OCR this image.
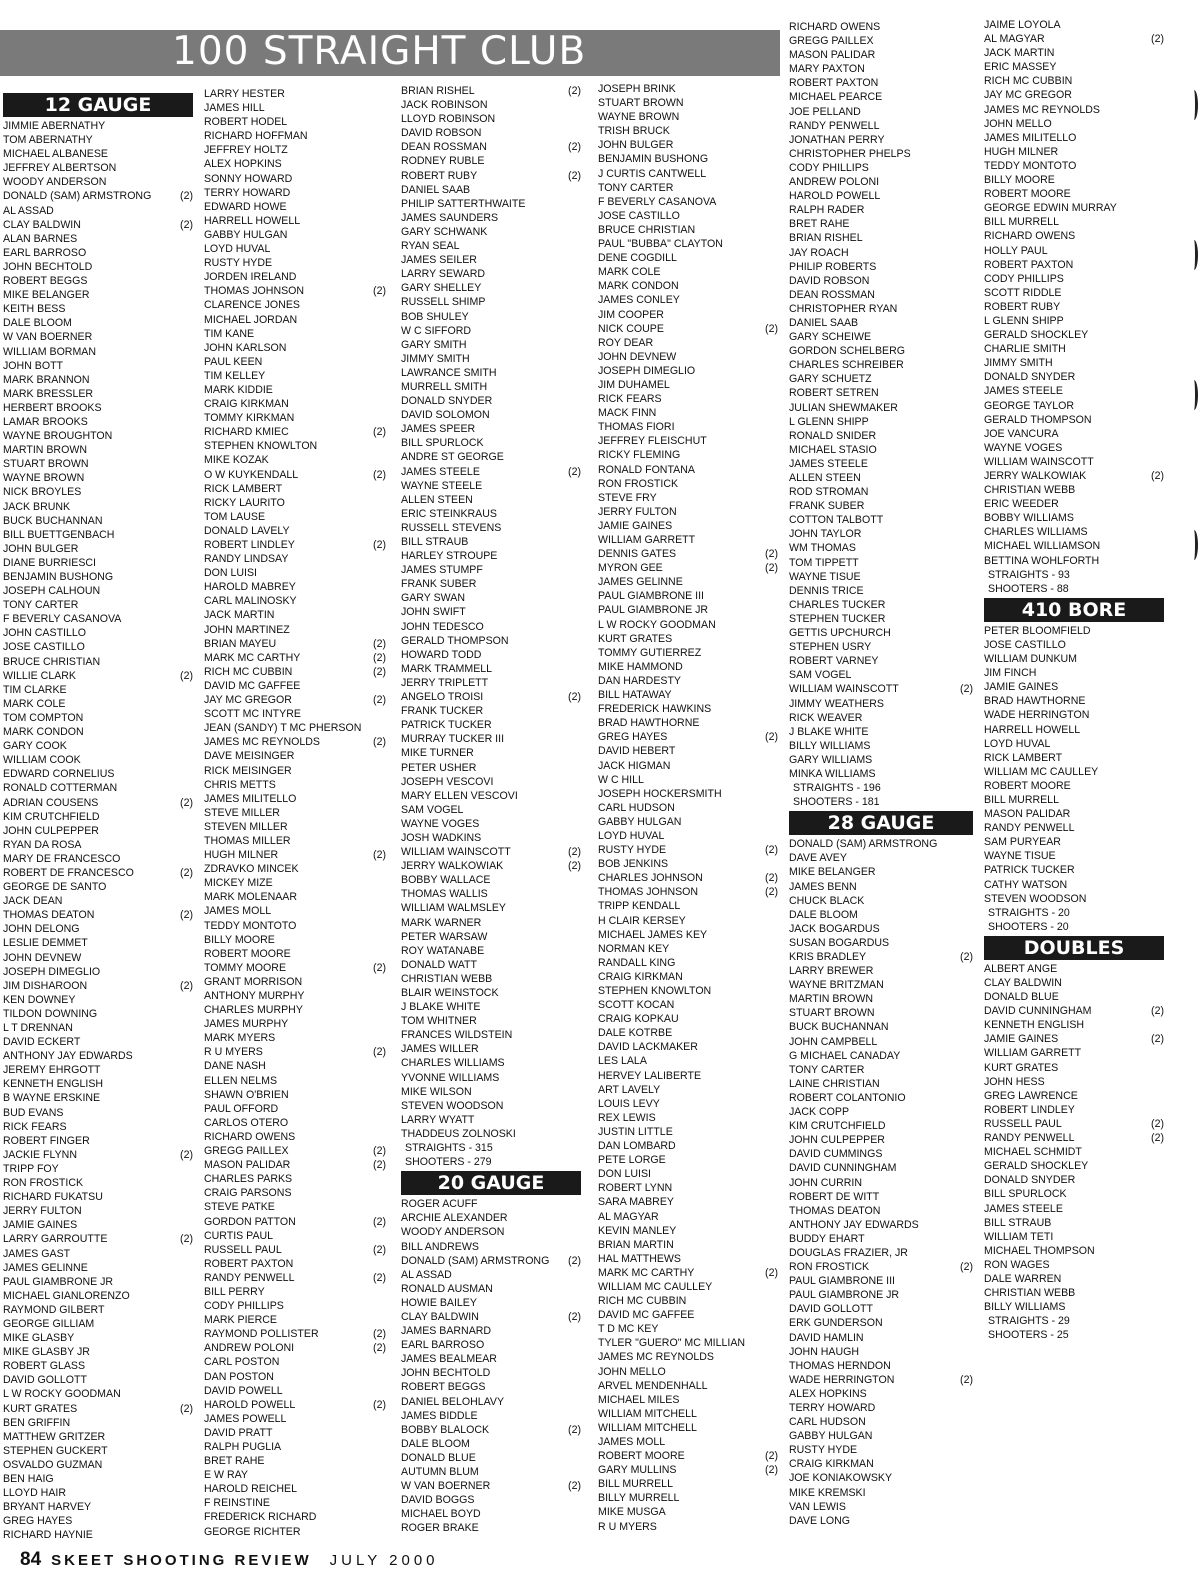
100 STRAIGHT CLUB
12 GAUGE
JIMMIE ABERNATHY
TOM ABERNATHY
MICHAEL ALBANESE
JEFFREY ALBERTSON
WOODY ANDERSON
DONALD (SAM) ARMSTRONG	(2)
AL ASSAD
CLAY BALDWIN	(2)
ALAN BARNES
EARL BARROSO
JOHN BECHTOLD
ROBERT BEGGS
MIKE BELANGER
KEITH BESS
DALE BLOOM
W VAN BOERNER
WILLIAM BORMAN
JOHN BOTT
MARK BRANNON
MARK BRESSLER
HERBERT BROOKS
LAMAR BROOKS
WAYNE BROUGHTON
MARTIN BROWN
STUART BROWN
WAYNE BROWN
NICK BROYLES
JACK BRUNK
BUCK BUCHANNAN
BILL BUETTGENBACH
JOHN BULGER
DIANE BURRIESCI
BENJAMIN BUSHONG
JOSEPH CALHOUN
TONY CARTER
F BEVERLY CASANOVA
JOHN CASTILLO
JOSE CASTILLO
BRUCE CHRISTIAN
WILLIE CLARK	(2)
TIM CLARKE
MARK COLE
TOM COMPTON
MARK CONDON
GARY COOK
WILLIAM COOK
EDWARD CORNELIUS
RONALD COTTERMAN
ADRIAN COUSENS	(2)
KIM CRUTCHFIELD
JOHN CULPEPPER
RYAN DA ROSA
MARY DE FRANCESCO
ROBERT DE FRANCESCO	(2)
GEORGE DE SANTO
JACK DEAN
THOMAS DEATON	(2)
JOHN DELONG
LESLIE DEMMET
JOHN DEVNEW
JOSEPH DIMEGLIO
JIM DISHAROON	(2)
KEN DOWNEY
TILDON DOWNING
L T DRENNAN
DAVID ECKERT
ANTHONY JAY EDWARDS
JEREMY EHRGOTT
KENNETH ENGLISH
B WAYNE ERSKINE
BUD EVANS
RICK FEARS
ROBERT FINGER
JACKIE FLYNN	(2)
TRIPP FOY
RON FROSTICK
RICHARD FUKATSU
JERRY FULTON
JAMIE GAINES
LARRY GARROUTTE	(2)
JAMES GAST
JAMES GELINNE
PAUL GIAMBRONE JR
MICHAEL GIANLORENZO
RAYMOND GILBERT
GEORGE GILLIAM
MIKE GLASBY
MIKE GLASBY JR
ROBERT GLASS
DAVID GOLLOTT
L W ROCKY GOODMAN
KURT GRATES	(2)
BEN GRIFFIN
MATTHEW GRITZER
STEPHEN GUCKERT
OSVALDO GUZMAN
BEN HAIG
LLOYD HAIR
BRYANT HARVEY
GREG HAYES
RICHARD HAYNIE
LARRY HESTER
JAMES HILL
ROBERT HODEL
RICHARD HOFFMAN
JEFFREY HOLTZ
ALEX HOPKINS
SONNY HOWARD
TERRY HOWARD
EDWARD HOWE
HARRELL HOWELL
GABBY HULGAN
LOYD HUVAL
RUSTY HYDE
JORDEN IRELAND
THOMAS JOHNSON	(2)
CLARENCE JONES
MICHAEL JORDAN
TIM KANE
JOHN KARLSON
PAUL KEEN
TIM KELLEY
MARK KIDDIE
CRAIG KIRKMAN
TOMMY KIRKMAN
RICHARD KMIEC	(2)
STEPHEN KNOWLTON
MIKE KOZAK
O W KUYKENDALL	(2)
RICK LAMBERT
RICKY LAURITO
TOM LAUSE
DONALD LAVELY
ROBERT LINDLEY	(2)
RANDY LINDSAY
DON LUISI
HAROLD MABREY
CARL MALINOSKY
JACK MARTIN
JOHN MARTINEZ
BRIAN MAYEU	(2)
MARK MC CARTHY	(2)
RICH MC CUBBIN	(2)
DAVID MC GAFFEE
JAY MC GREGOR	(2)
SCOTT MC INTYRE
JEAN (SANDY) T MC PHERSON
JAMES MC REYNOLDS	(2)
DAVE MEISINGER
RICK MEISINGER
CHRIS METTS
JAMES MILITELLO
STEVE MILLER
STEVEN MILLER
THOMAS MILLER
HUGH MILNER	(2)
ZDRAVKO MINCEK
MICKEY MIZE
MARK MOLENAAR
JAMES MOLL
TEDDY MONTOTO
BILLY MOORE
ROBERT MOORE
TOMMY MOORE	(2)
GRANT MORRISON
ANTHONY MURPHY
CHARLES MURPHY
JAMES MURPHY
MARK MYERS
R U MYERS	(2)
DANE NASH
ELLEN NELMS
SHAWN O'BRIEN
PAUL OFFORD
CARLOS OTERO
RICHARD OWENS
GREGG PAILLEX	(2)
MASON PALIDAR	(2)
CHARLES PARKS
CRAIG PARSONS
STEVE PATKE
GORDON PATTON	(2)
CURTIS PAUL
RUSSELL PAUL	(2)
ROBERT PAXTON
RANDY PENWELL	(2)
BILL PERRY
CODY PHILLIPS
MARK PIERCE
RAYMOND POLLISTER	(2)
ANDREW POLONI	(2)
CARL POSTON
DAN POSTON
DAVID POWELL
HAROLD POWELL	(2)
JAMES POWELL
DAVID PRATT
RALPH PUGLIA
BRET RAHE
E W RAY
HAROLD REICHEL
F REINSTINE
FREDERICK RICHARD
GEORGE RICHTER
BRIAN RISHEL	(2)
JACK ROBINSON
LLOYD ROBINSON
DAVID ROBSON
DEAN ROSSMAN	(2)
RODNEY RUBLE
ROBERT RUBY	(2)
DANIEL SAAB
PHILIP SATTERTHWAITE
JAMES SAUNDERS
GARY SCHWANK
RYAN SEAL
JAMES SEILER
LARRY SEWARD
GARY SHELLEY
RUSSELL SHIMP
BOB SHULEY
W C SIFFORD
GARY SMITH
JIMMY SMITH
LAWRANCE SMITH
MURRELL SMITH
DONALD SNYDER
DAVID SOLOMON
JAMES SPEER
BILL SPURLOCK
ANDRE ST GEORGE
JAMES STEELE	(2)
WAYNE STEELE
ALLEN STEEN
ERIC STEINKRAUS
RUSSELL STEVENS
BILL STRAUB
HARLEY STROUPE
JAMES STUMPF
FRANK SUBER
GARY SWAN
JOHN SWIFT
JOHN TEDESCO
GERALD THOMPSON
HOWARD TODD
MARK TRAMMELL
JERRY TRIPLETT
ANGELO TROISI	(2)
FRANK TUCKER
PATRICK TUCKER
MURRAY TUCKER III
MIKE TURNER
PETER USHER
JOSEPH VESCOVI
MARY ELLEN VESCOVI
SAM VOGEL
WAYNE VOGES
JOSH WADKINS
WILLIAM WAINSCOTT	(2)
JERRY WALKOWIAK	(2)
BOBBY WALLACE
THOMAS WALLIS
WILLIAM WALMSLEY
MARK WARNER
PETER WARSAW
ROY WATANABE
DONALD WATT
CHRISTIAN WEBB
BLAIR WEINSTOCK
J BLAKE WHITE
TOM WHITNER
FRANCES WILDSTEIN
JAMES WILLER
CHARLES WILLIAMS
YVONNE WILLIAMS
MIKE WILSON
STEVEN WOODSON
LARRY WYATT
THADDEUS ZOLNOSKI
STRAIGHTS - 315
SHOOTERS - 279
20 GAUGE
ROGER ACUFF
ARCHIE ALEXANDER
WOODY ANDERSON
BILL ANDREWS
DONALD (SAM) ARMSTRONG (2)
AL ASSAD
RONALD AUSMAN
HOWIE BAILEY
CLAY BALDWIN	(2)
JAMES BARNARD
EARL BARROSO
JAMES BEALMEAR
JOHN BECHTOLD
ROBERT BEGGS
DANIEL BELOHLAVY
JAMES BIDDLE
BOBBY BLALOCK	(2)
DALE BLOOM
DONALD BLUE
AUTUMN BLUM
W VAN BOERNER	(2)
DAVID BOGGS
MICHAEL BOYD
ROGER BRAKE
JOSEPH BRINK
STUART BROWN
WAYNE BROWN
TRISH BRUCK
JOHN BULGER
BENJAMIN BUSHONG
J CURTIS CANTWELL
TONY CARTER
F BEVERLY CASANOVA
JOSE CASTILLO
BRUCE CHRISTIAN
PAUL "BUBBA" CLAYTON
DENE COGDILL
MARK COLE
MARK CONDON
JAMES CONLEY
JIM COOPER
NICK COUPE	(2)
ROY DEAR
JOHN DEVNEW
JOSEPH DIMEGLIO
JIM DUHAMEL
RICK FEARS
MACK FINN
THOMAS FIORI
JEFFREY FLEISCHUT
RICKY FLEMING
RONALD FONTANA
RON FROSTICK
STEVE FRY
JERRY FULTON
JAMIE GAINES
WILLIAM GARRETT
DENNIS GATES	(2)
MYRON GEE	(2)
JAMES GELINNE
PAUL GIAMBRONE III
PAUL GIAMBRONE JR
L W ROCKY GOODMAN
KURT GRATES
TOMMY GUTIERREZ
MIKE HAMMOND
DAN HARDESTY
BILL HATAWAY
FREDERICK HAWKINS
BRAD HAWTHORNE
GREG HAYES	(2)
DAVID HEBERT
JACK HIGMAN
W C HILL
JOSEPH HOCKERSMITH
CARL HUDSON
GABBY HULGAN
LOYD HUVAL
RUSTY HYDE	(2)
BOB JENKINS
CHARLES JOHNSON	(2)
THOMAS JOHNSON	(2)
TRIPP KENDALL
H CLAIR KERSEY
MICHAEL JAMES KEY
NORMAN KEY
RANDALL KING
CRAIG KIRKMAN
STEPHEN KNOWLTON
SCOTT KOCAN
CRAIG KOPKAU
DALE KOTRBE
DAVID LACKMAKER
LES LALA
HERVEY LALIBERTE
ART LAVELY
LOUIS LEVY
REX LEWIS
JUSTIN LITTLE
DAN LOMBARD
PETE LORGE
DON LUISI
ROBERT LYNN
SARA MABREY
AL MAGYAR
KEVIN MANLEY
BRIAN MARTIN
HAL MATTHEWS
MARK MC CARTHY	(2)
WILLIAM MC CAULLEY
RICH MC CUBBIN
DAVID MC GAFFEE
T D MC KEY
TYLER "GUERO" MC MILLIAN
JAMES MC REYNOLDS
JOHN MELLO
ARVEL MENDENHALL
MICHAEL MILES
WILLIAM MITCHELL
WILLIAM MITCHELL
JAMES MOLL
ROBERT MOORE	(2)
GARY MULLINS	(2)
BILL MURRELL
BILLY MURRELL
MIKE MUSGA
R U MYERS
RICHARD OWENS
GREGG PAILLEX
MASON PALIDAR
MARY PAXTON
ROBERT PAXTON
MICHAEL PEARCE
JOE PELLAND
RANDY PENWELL
JONATHAN PERRY
CHRISTOPHER PHELPS
CODY PHILLIPS
ANDREW POLONI
HAROLD POWELL
RALPH RADER
BRET RAHE
BRIAN RISHEL
JAY ROACH
PHILIP ROBERTS
DAVID ROBSON
DEAN ROSSMAN
CHRISTOPHER RYAN
DANIEL SAAB
GARY SCHEIWE
GORDON SCHELBERG
CHARLES SCHREIBER
GARY SCHUETZ
ROBERT SETREN
JULIAN SHEWMAKER
L GLENN SHIPP
RONALD SNIDER
MICHAEL STASIO
JAMES STEELE
ALLEN STEEN
ROD STROMAN
FRANK SUBER
COTTON TALBOTT
JOHN TAYLOR
WM THOMAS
TOM TIPPETT
WAYNE TISUE
DENNIS TRICE
CHARLES TUCKER
STEPHEN TUCKER
GETTIS UPCHURCH
STEPHEN USRY
ROBERT VARNEY
SAM VOGEL
WILLIAM WAINSCOTT	(2)
JIMMY WEATHERS
RICK WEAVER
J BLAKE WHITE
BILLY WILLIAMS
GARY WILLIAMS
MINKA WILLIAMS
STRAIGHTS - 196
SHOOTERS - 181
28 GAUGE
DONALD (SAM) ARMSTRONG
DAVE AVEY
MIKE BELANGER
JAMES BENN
CHUCK BLACK
DALE BLOOM
JACK BOGARDUS
SUSAN BOGARDUS
KRIS BRADLEY	(2)
LARRY BREWER
WAYNE BRITZMAN
MARTIN BROWN
STUART BROWN
BUCK BUCHANNAN
JOHN CAMPBELL
G MICHAEL CANADAY
TONY CARTER
LAINE CHRISTIAN
ROBERT COLANTONIO
JACK COPP
KIM CRUTCHFIELD
JOHN CULPEPPER
DAVID CUMMINGS
DAVID CUNNINGHAM
JOHN CURRIN
ROBERT DE WITT
THOMAS DEATON
ANTHONY JAY EDWARDS
BUDDY EHART
DOUGLAS FRAZIER, JR
RON FROSTICK	(2)
PAUL GIAMBRONE III
PAUL GIAMBRONE JR
DAVID GOLLOTT
ERK GUNDERSON
DAVID HAMLIN
JOHN HAUGH
THOMAS HERNDON
WADE HERRINGTON	(2)
ALEX HOPKINS
TERRY HOWARD
CARL HUDSON
GABBY HULGAN
RUSTY HYDE
CRAIG KIRKMAN
JOE KONIAKOWSKY
MIKE KREMSKI
VAN LEWIS
DAVE LONG
JAIME LOYOLA
AL MAGYAR	(2)
JACK MARTIN
ERIC MASSEY
RICH MC CUBBIN
JAY MC GREGOR
JAMES MC REYNOLDS
JOHN MELLO
JAMES MILITELLO
HUGH MILNER
TEDDY MONTOTO
BILLY MOORE
ROBERT MOORE
GEORGE EDWIN MURRAY
BILL MURRELL
RICHARD OWENS
HOLLY PAUL
ROBERT PAXTON
CODY PHILLIPS
SCOTT RIDDLE
ROBERT RUBY
L GLENN SHIPP
GERALD SHOCKLEY
CHARLIE SMITH
JIMMY SMITH
DONALD SNYDER
JAMES STEELE
GEORGE TAYLOR
GERALD THOMPSON
JOE VANCURA
WAYNE VOGES
WILLIAM WAINSCOTT
JERRY WALKOWIAK	(2)
CHRISTIAN WEBB
ERIC WEEDER
BOBBY WILLIAMS
CHARLES WILLIAMS
MICHAEL WILLIAMSON
BETTINA WOHLFORTH
STRAIGHTS - 93
SHOOTERS - 88
410 BORE
PETER BLOOMFIELD
JOSE CASTILLO
WILLIAM DUNKUM
JIM FINCH
JAMIE GAINES
BRAD HAWTHORNE
WADE HERRINGTON
HARRELL HOWELL
LOYD HUVAL
RICK LAMBERT
WILLIAM MC CAULLEY
ROBERT MOORE
BILL MURRELL
MASON PALIDAR
RANDY PENWELL
SAM PURYEAR
WAYNE TISUE
PATRICK TUCKER
CATHY WATSON
STEVEN WOODSON
STRAIGHTS - 20
SHOOTERS - 20
DOUBLES
ALBERT ANGE
CLAY BALDWIN
DONALD BLUE
DAVID CUNNINGHAM	(2)
KENNETH ENGLISH
JAMIE GAINES	(2)
WILLIAM GARRETT
KURT GRATES
JOHN HESS
GREG LAWRENCE
ROBERT LINDLEY
RUSSELL PAUL	(2)
RANDY PENWELL	(2)
MICHAEL SCHMIDT
GERALD SHOCKLEY
DONALD SNYDER
BILL SPURLOCK
JAMES STEELE
BILL STRAUB
WILLIAM TETI
MICHAEL THOMPSON
RON WAGES
DALE WARREN
CHRISTIAN WEBB
BILLY WILLIAMS
STRAIGHTS - 29
SHOOTERS - 25
84 SKEET SHOOTING REVIEW JULY 2000
